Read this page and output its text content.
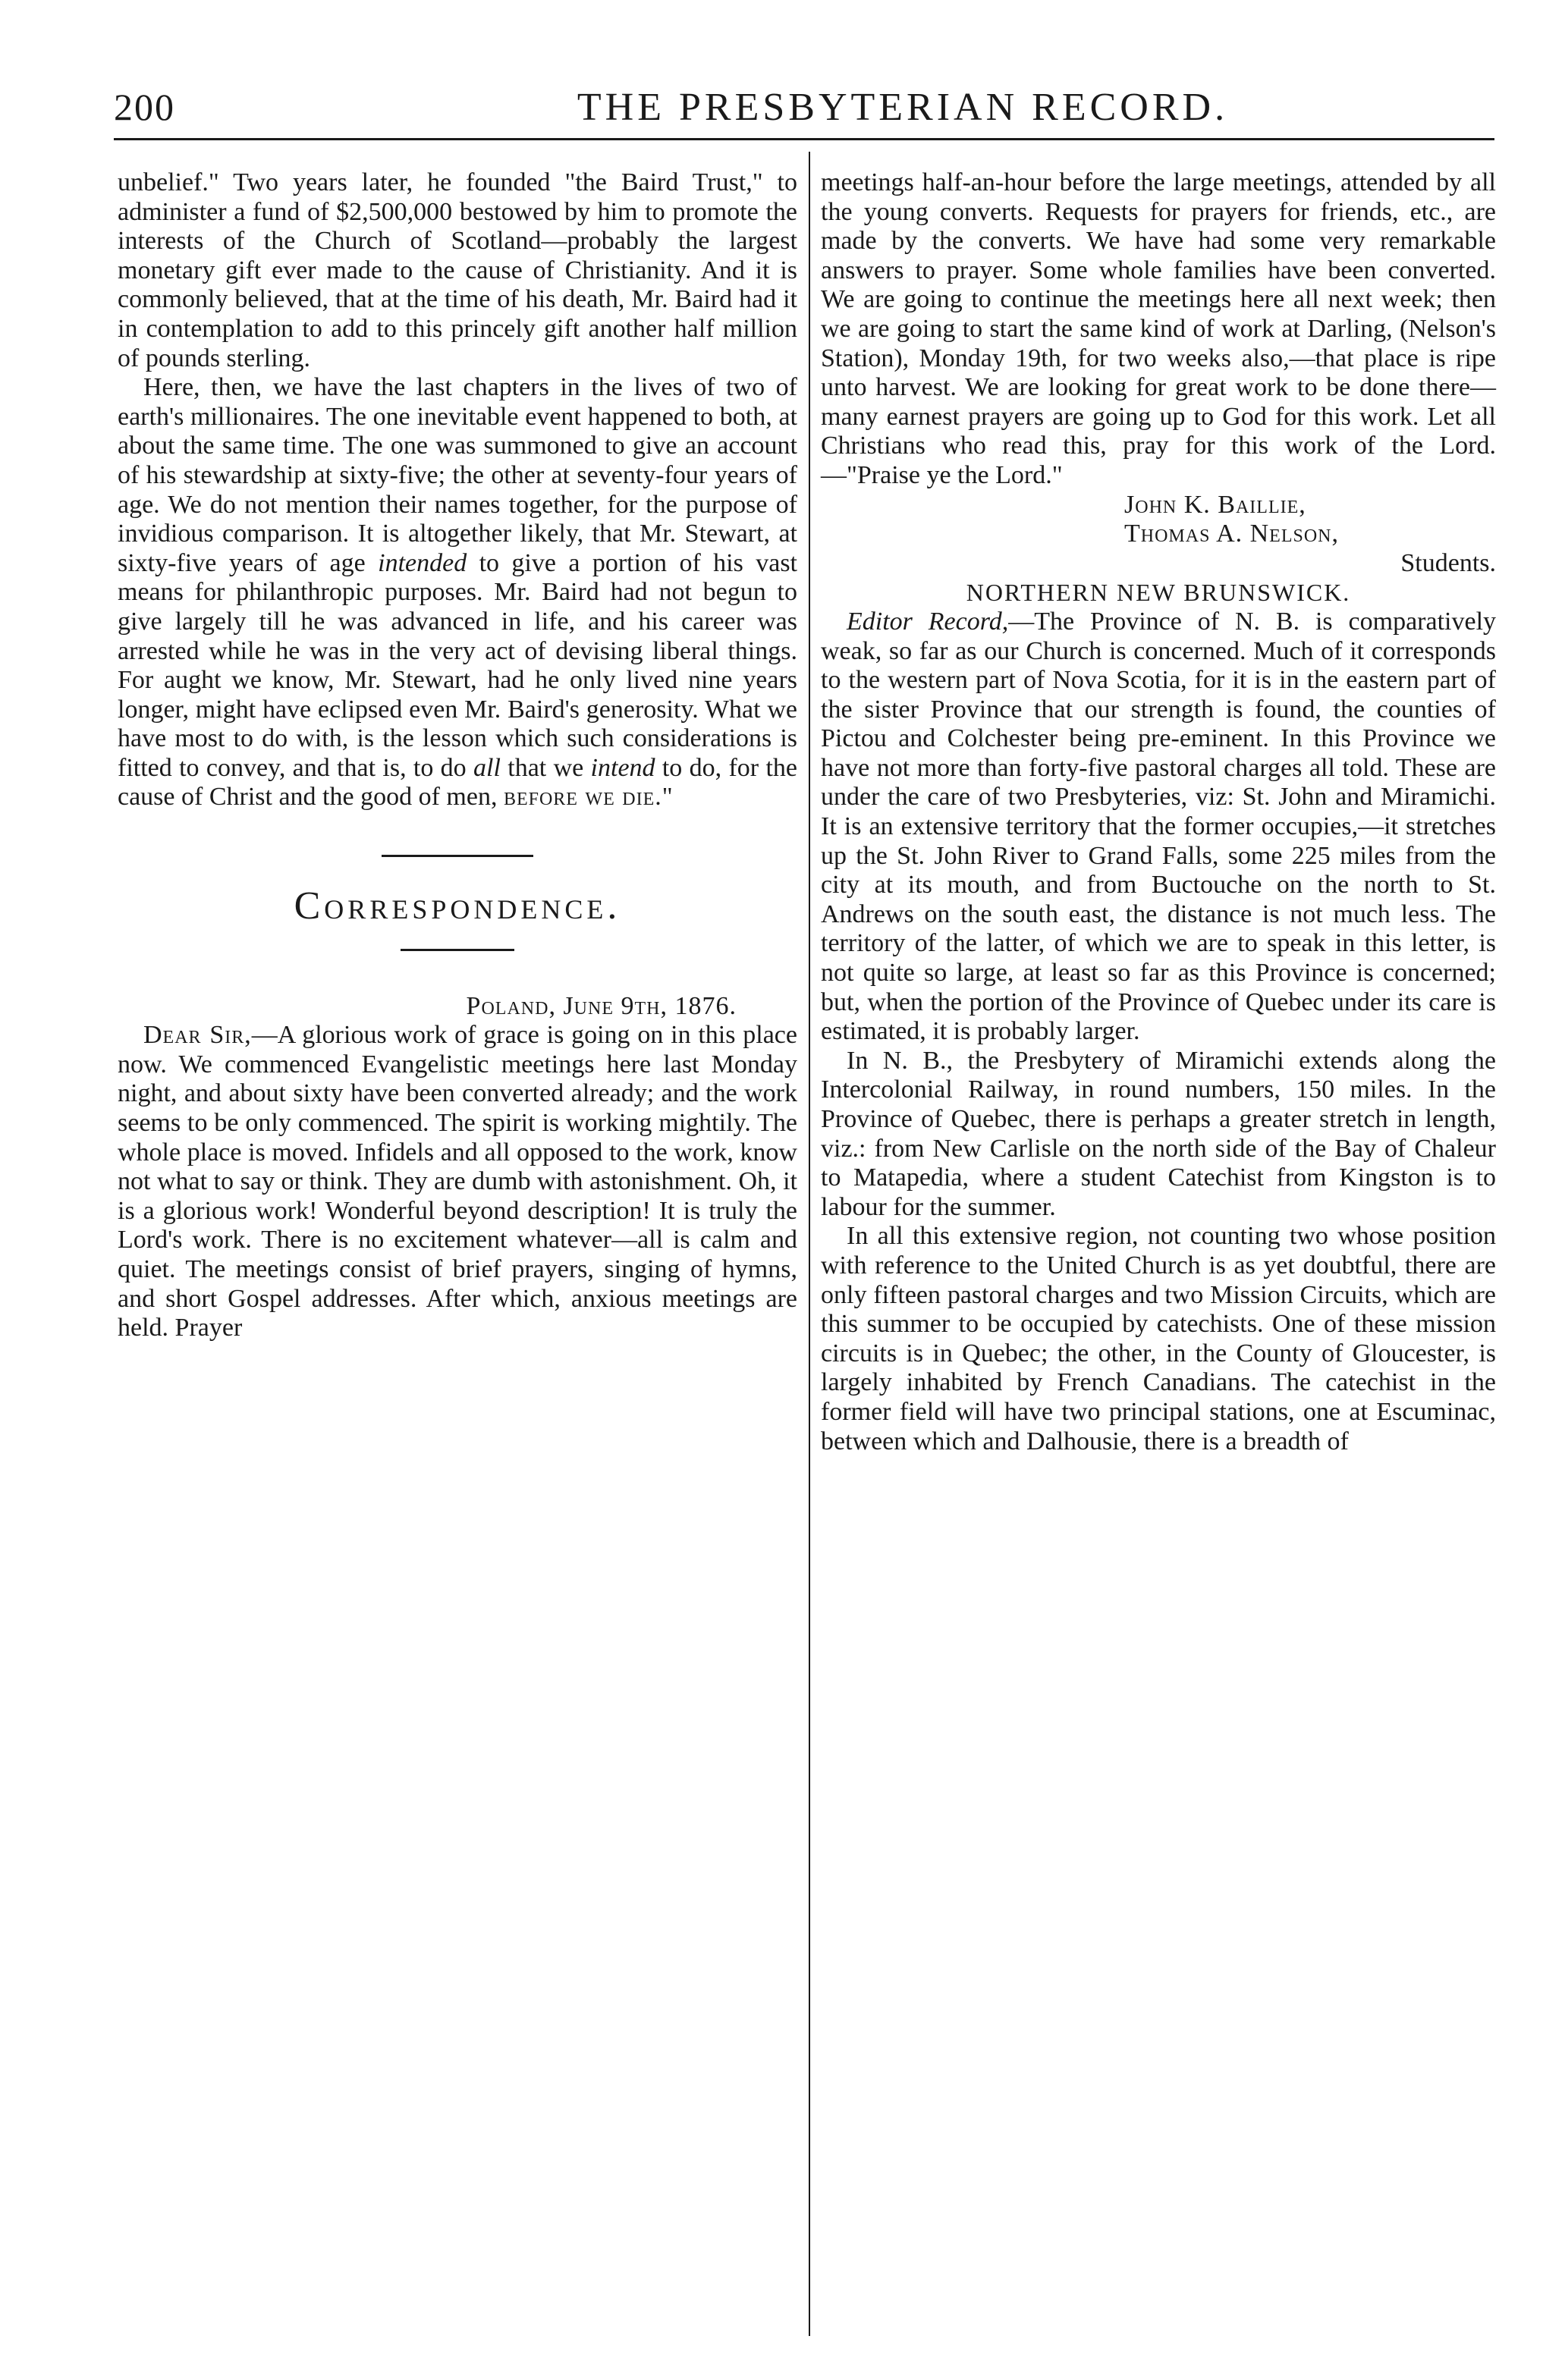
200	THE PRESBYTERIAN RECORD.

unbelief." Two years later, he founded "the Baird Trust," to administer a fund of $2,500,000 bestowed by him to promote the interests of the Church of Scotland—probably the largest monetary gift ever made to the cause of Christianity. And it is commonly believed, that at the time of his death, Mr. Baird had it in contemplation to add to this princely gift another half million of pounds sterling.

Here, then, we have the last chapters in the lives of two of earth's millionaires. The one inevitable event happened to both, at about the same time. The one was summoned to give an account of his stewardship at sixty-five; the other at seventy-four years of age. We do not mention their names together, for the purpose of invidious comparison. It is altogether likely, that Mr. Stewart, at sixty-five years of age intended to give a portion of his vast means for philanthropic purposes. Mr. Baird had not begun to give largely till he was advanced in life, and his career was arrested while he was in the very act of devising liberal things. For aught we know, Mr. Stewart, had he only lived nine years longer, might have eclipsed even Mr. Baird's generosity. What we have most to do with, is the lesson which such considerations is fitted to convey, and that is, to do all that we intend to do, for the cause of Christ and the good of men, before we die."

Correspondence.

Poland, June 9th, 1876.

Dear Sir,—A glorious work of grace is going on in this place now. We commenced Evangelistic meetings here last Monday night, and about sixty have been converted already; and the work seems to be only commenced. The spirit is working mightily. The whole place is moved. Infidels and all opposed to the work, know not what to say or think. They are dumb with astonishment. Oh, it is a glorious work! Wonderful beyond description! It is truly the Lord's work. There is no excitement whatever—all is calm and quiet. The meetings consist of brief prayers, singing of hymns, and short Gospel addresses. After which, anxious meetings are held. Prayer

meetings half-an-hour before the large meetings, attended by all the young converts. Requests for prayers for friends, etc., are made by the converts. We have had some very remarkable answers to prayer. Some whole families have been converted. We are going to continue the meetings here all next week; then we are going to start the same kind of work at Darling, (Nelson's Station), Monday 19th, for two weeks also,—that place is ripe unto harvest. We are looking for great work to be done there—many earnest prayers are going up to God for this work. Let all Christians who read this, pray for this work of the Lord.—"Praise ye the Lord."

John K. Baillie,

Thomas A. Nelson,

Students.

NORTHERN NEW BRUNSWICK.

Editor Record,—The Province of N. B. is comparatively weak, so far as our Church is concerned. Much of it corresponds to the western part of Nova Scotia, for it is in the eastern part of the sister Province that our strength is found, the counties of Pictou and Colchester being pre-eminent. In this Province we have not more than forty-five pastoral charges all told. These are under the care of two Presbyteries, viz: St. John and Miramichi. It is an extensive territory that the former occupies,—it stretches up the St. John River to Grand Falls, some 225 miles from the city at its mouth, and from Buctouche on the north to St. Andrews on the south east, the distance is not much less. The territory of the latter, of which we are to speak in this letter, is not quite so large, at least so far as this Province is concerned; but, when the portion of the Province of Quebec under its care is estimated, it is probably larger.

In N. B., the Presbytery of Miramichi extends along the Intercolonial Railway, in round numbers, 150 miles. In the Province of Quebec, there is perhaps a greater stretch in length, viz.: from New Carlisle on the north side of the Bay of Chaleur to Matapedia, where a student Catechist from Kingston is to labour for the summer.

In all this extensive region, not counting two whose position with reference to the United Church is as yet doubtful, there are only fifteen pastoral charges and two Mission Circuits, which are this summer to be occupied by catechists. One of these mission circuits is in Quebec; the other, in the County of Gloucester, is largely inhabited by French Canadians. The catechist in the former field will have two principal stations, one at Escuminac, between which and Dalhousie, there is a breadth of
